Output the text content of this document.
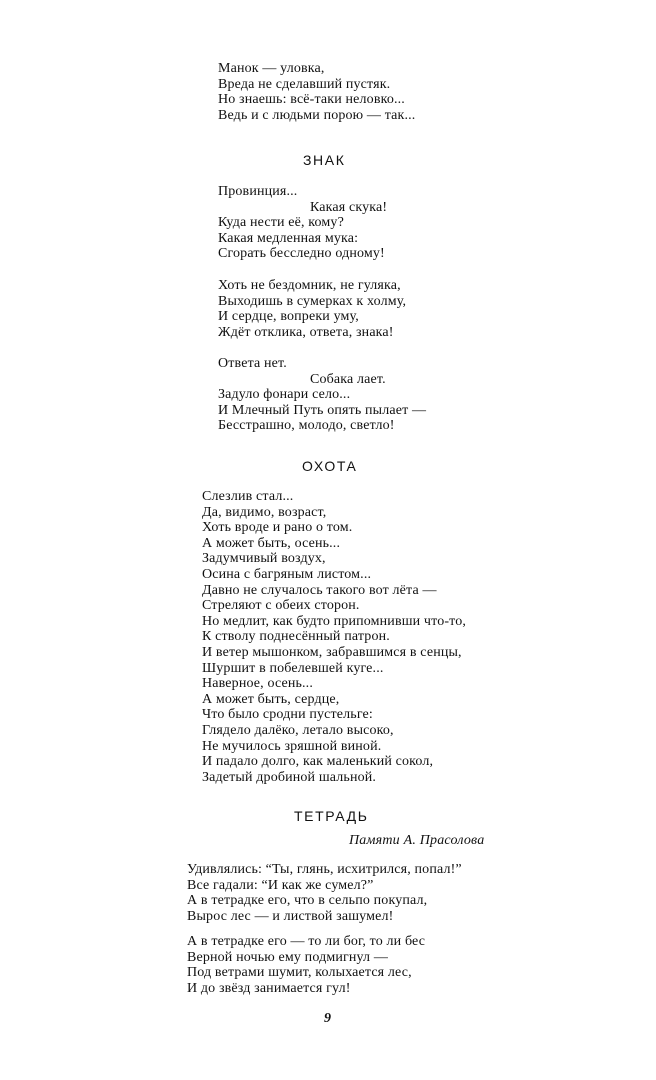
Манок — уловка,
Вреда не сделавший пустяк.
Но знаешь: всё-таки неловко...
Ведь и с людьми порою — так...
ЗНАК
Провинция...
Какая скука!
Куда нести её, кому?
Какая медленная мука:
Сгорать бесследно одному!
Хоть не бездомник, не гуляка,
Выходишь в сумерках к холму,
И сердце, вопреки уму,
Ждёт отклика, ответа, знака!
Ответа нет.
Собака лает.
Задуло фонари село...
И Млечный Путь опять пылает —
Бесстрашно, молодо, светло!
ОХОТА
Слезлив стал...
Да, видимо, возраст,
Хоть вроде и рано о том.
А может быть, осень...
Задумчивый воздух,
Осина с багряным листом...
Давно не случалось такого вот лёта —
Стреляют с обеих сторон.
Но медлит, как будто припомнивши что-то,
К стволу поднесённый патрон.
И ветер мышонком, забравшимся в сенцы,
Шуршит в побелевшей куге...
Наверное, осень...
А может быть, сердце,
Что было сродни пустельге:
Глядело далёко, летало высоко,
Не мучилось зряшной виной.
И падало долго, как маленький сокол,
Задетый дробиной шальной.
ТЕТРАДЬ
Памяти А. Прасолова
Удивлялись: “Ты, глянь, исхитрился, попал!”
Все гадали: “И как же сумел?”
А в тетрадке его, что в сельпо покупал,
Вырос лес — и листвой зашумел!
А в тетрадке его — то ли бог, то ли бес
Верной ночью ему подмигнул —
Под ветрами шумит, колыхается лес,
И до звёзд занимается гул!
9
